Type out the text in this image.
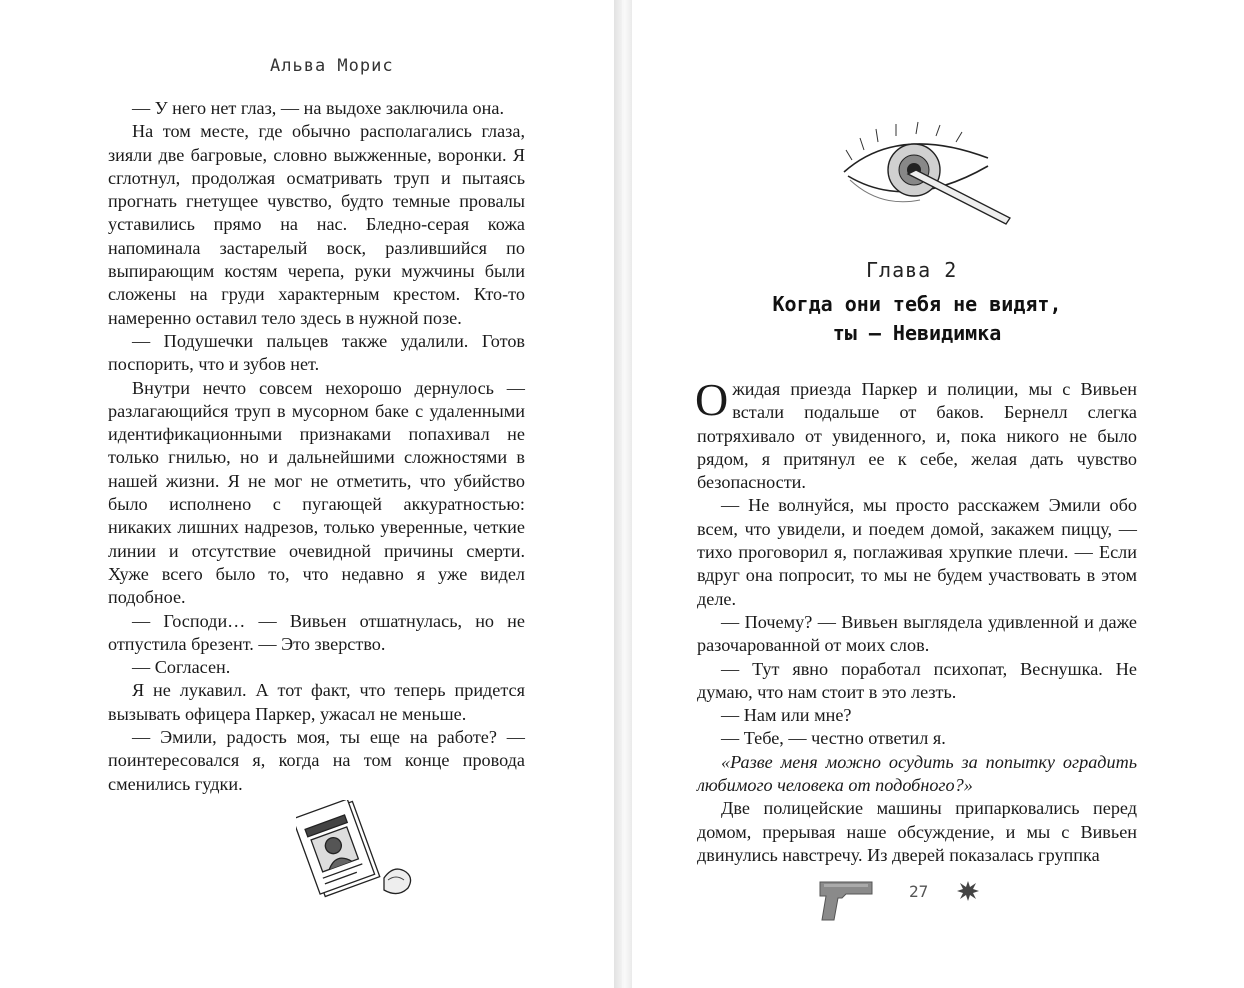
Альва Морис

— У него нет глаз, — на выдохе заключила она.

На том месте, где обычно располагались глаза, зияли две багровые, словно выжженные, воронки. Я сглотнул, продолжая осматривать труп и пытаясь прогнать гнетущее чувство, будто темные провалы уставились прямо на нас. Бледно-серая кожа напоминала застарелый воск, разлившийся по выпирающим костям черепа, руки мужчины были сложены на груди характерным крестом. Кто-то намеренно оставил тело здесь в нужной позе.

— Подушечки пальцев также удалили. Готов поспорить, что и зубов нет.

Внутри нечто совсем нехорошо дернулось — разлагающийся труп в мусорном баке с удаленными идентификационными признаками попахивал не только гнилью, но и дальнейшими сложностями в нашей жизни. Я не мог не отметить, что убийство было исполнено с пугающей аккуратностью: никаких лишних надрезов, только уверенные, четкие линии и отсутствие очевидной причины смерти. Хуже всего было то, что недавно я уже видел подобное.

— Господи… — Вивьен отшатнулась, но не отпустила брезент. — Это зверство.

— Согласен.

Я не лукавил. А тот факт, что теперь придется вызывать офицера Паркер, ужасал не меньше.

— Эмили, радость моя, ты еще на работе? — поинтересовался я, когда на том конце провода сменились гудки.

Глава 2
Когда они тебя не видят,
ты — Невидимка

Ожидая приезда Паркер и полиции, мы с Вивьен встали подальше от баков. Бернелл слегка потряхивало от увиденного, и, пока никого не было рядом, я притянул ее к себе, желая дать чувство безопасности.

— Не волнуйся, мы просто расскажем Эмили обо всем, что увидели, и поедем домой, закажем пиццу, — тихо проговорил я, поглаживая хрупкие плечи. — Если вдруг она попросит, то мы не будем участвовать в этом деле.

— Почему? — Вивьен выглядела удивленной и даже разочарованной от моих слов.

— Тут явно поработал психопат, Веснушка. Не думаю, что нам стоит в это лезть.

— Нам или мне?

— Тебе, — честно ответил я.

«Разве меня можно осудить за попытку оградить любимого человека от подобного?»

Две полицейские машины припарковались перед домом, прерывая наше обсуждение, и мы с Вивьен двинулись навстречу. Из дверей показалась группка

27
